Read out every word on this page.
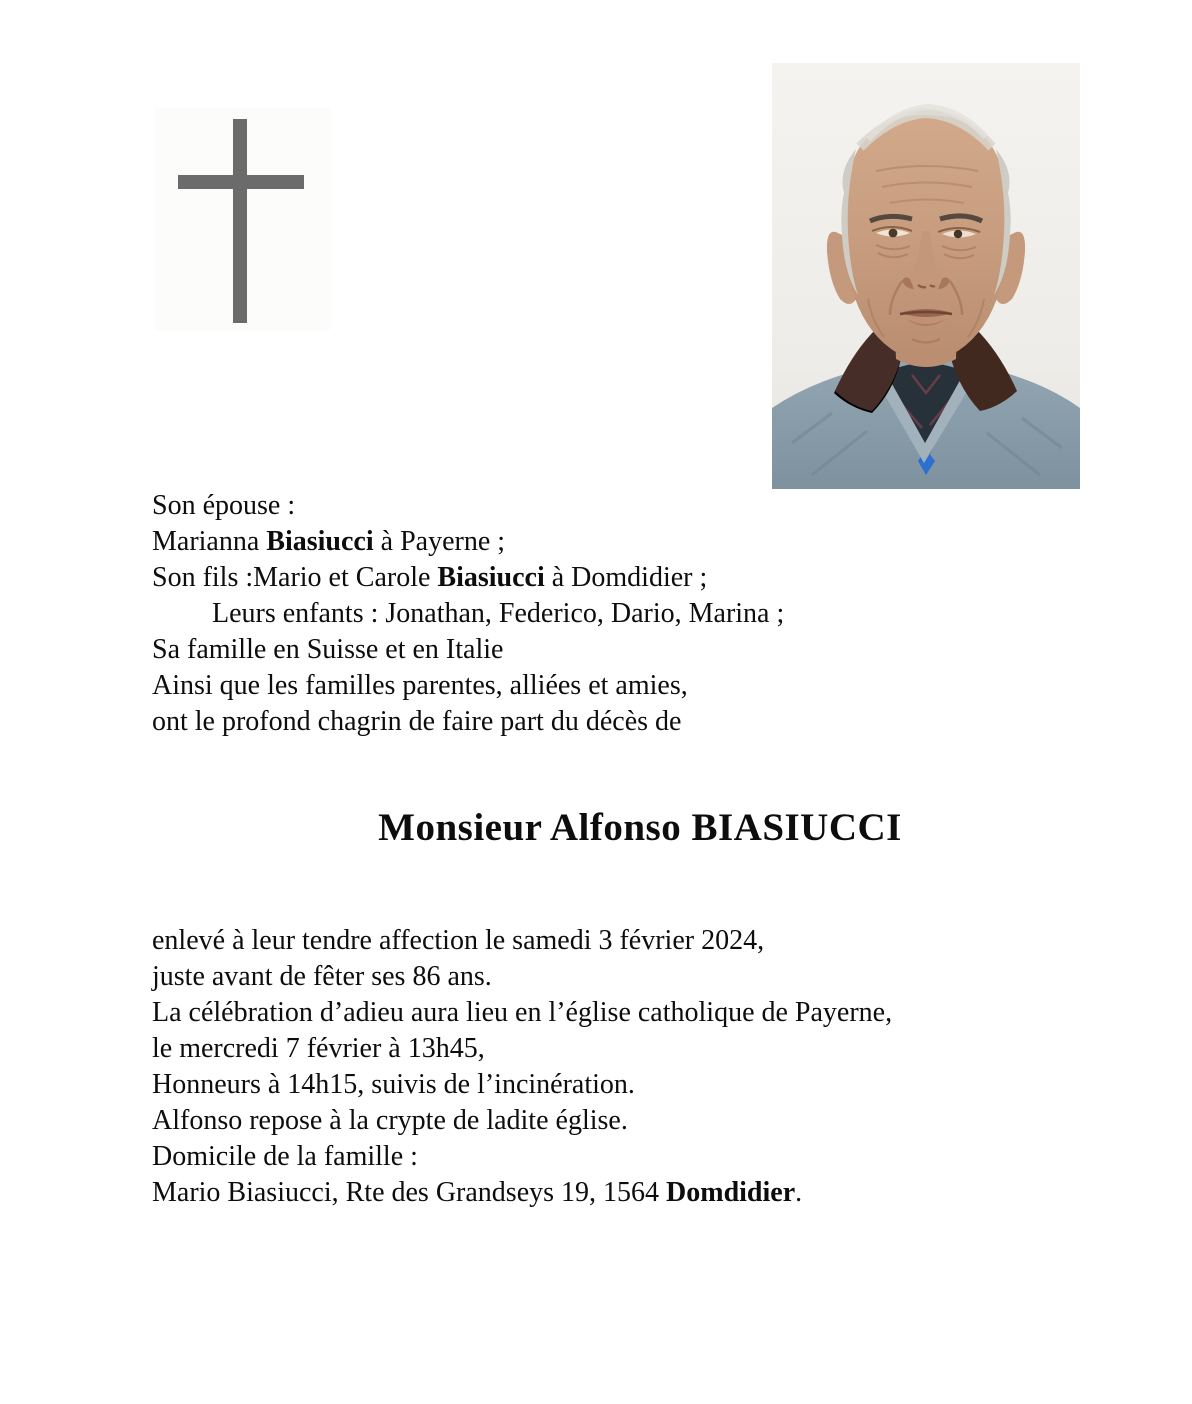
Son épouse :
Marianna Biasiucci à Payerne ;
Son fils :Mario et Carole Biasiucci à Domdidier ;
Leurs enfants : Jonathan, Federico, Dario, Marina ;
Sa famille en Suisse et en Italie
Ainsi que les familles parentes, alliées et amies,
ont le profond chagrin de faire part du décès de
Monsieur Alfonso BIASIUCCI
enlevé à leur tendre affection le samedi 3 février 2024,
juste avant de fêter ses 86 ans.
La célébration d’adieu aura lieu en l’église catholique de Payerne,
le mercredi 7 février à 13h45,
Honneurs à 14h15, suivis de l’incinération.
Alfonso repose à la crypte de ladite église.
Domicile de la famille :
Mario Biasiucci, Rte des Grandseys 19, 1564 Domdidier.
